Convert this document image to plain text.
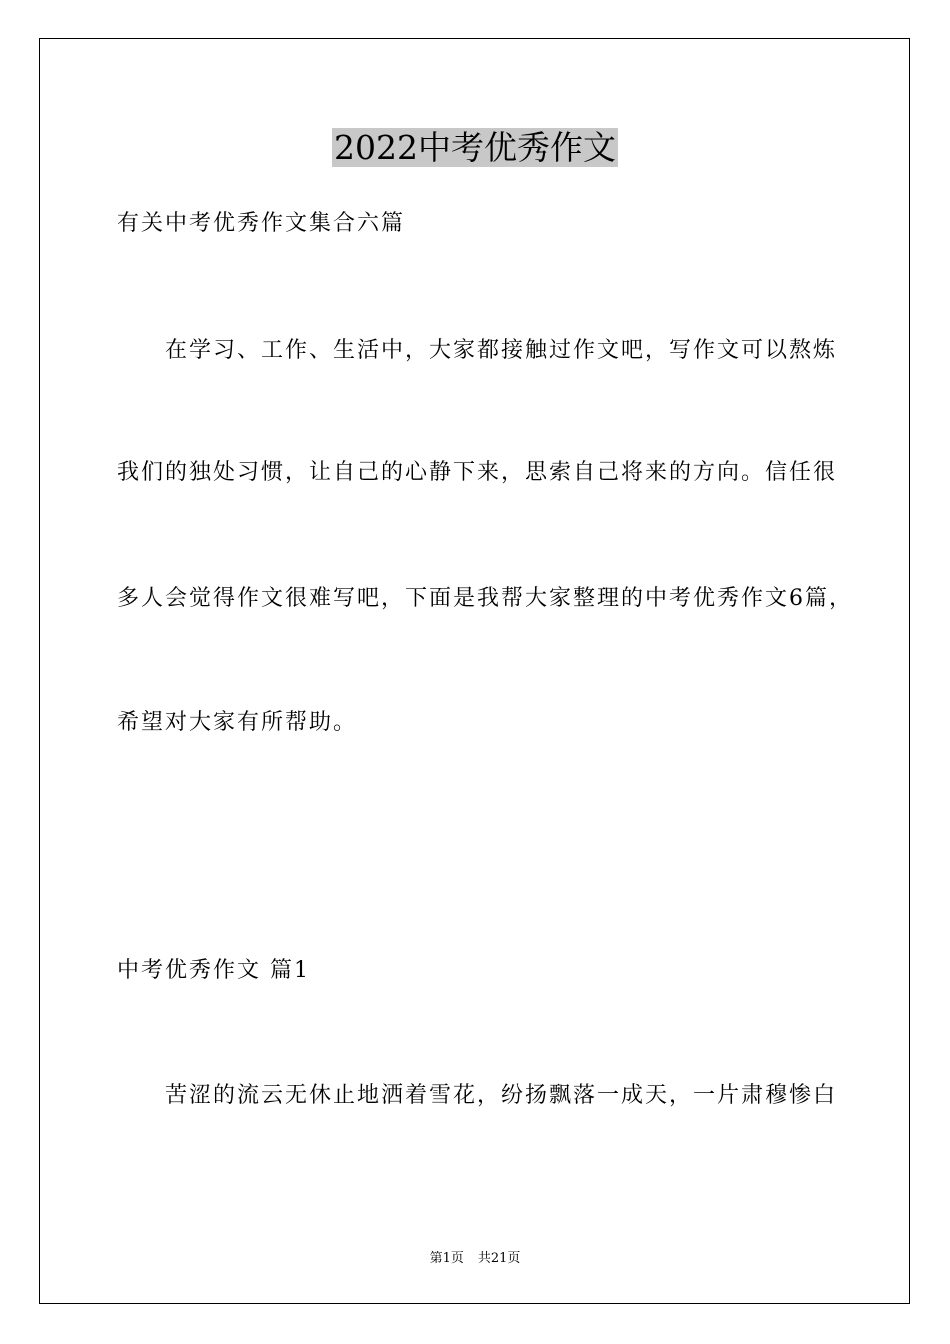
2022中考优秀作文
有关中考优秀作文集合六篇
在学习、工作、生活中，大家都接触过作文吧，写作文可以熬炼
我们的独处习惯，让自己的心静下来，思索自己将来的方向。信任很
多人会觉得作文很难写吧，下面是我帮大家整理的中考优秀作文6篇，
希望对大家有所帮助。
中考优秀作文 篇1
苦涩的流云无休止地洒着雪花，纷扬飘落一成天，一片肃穆惨白
第1页 共21页
